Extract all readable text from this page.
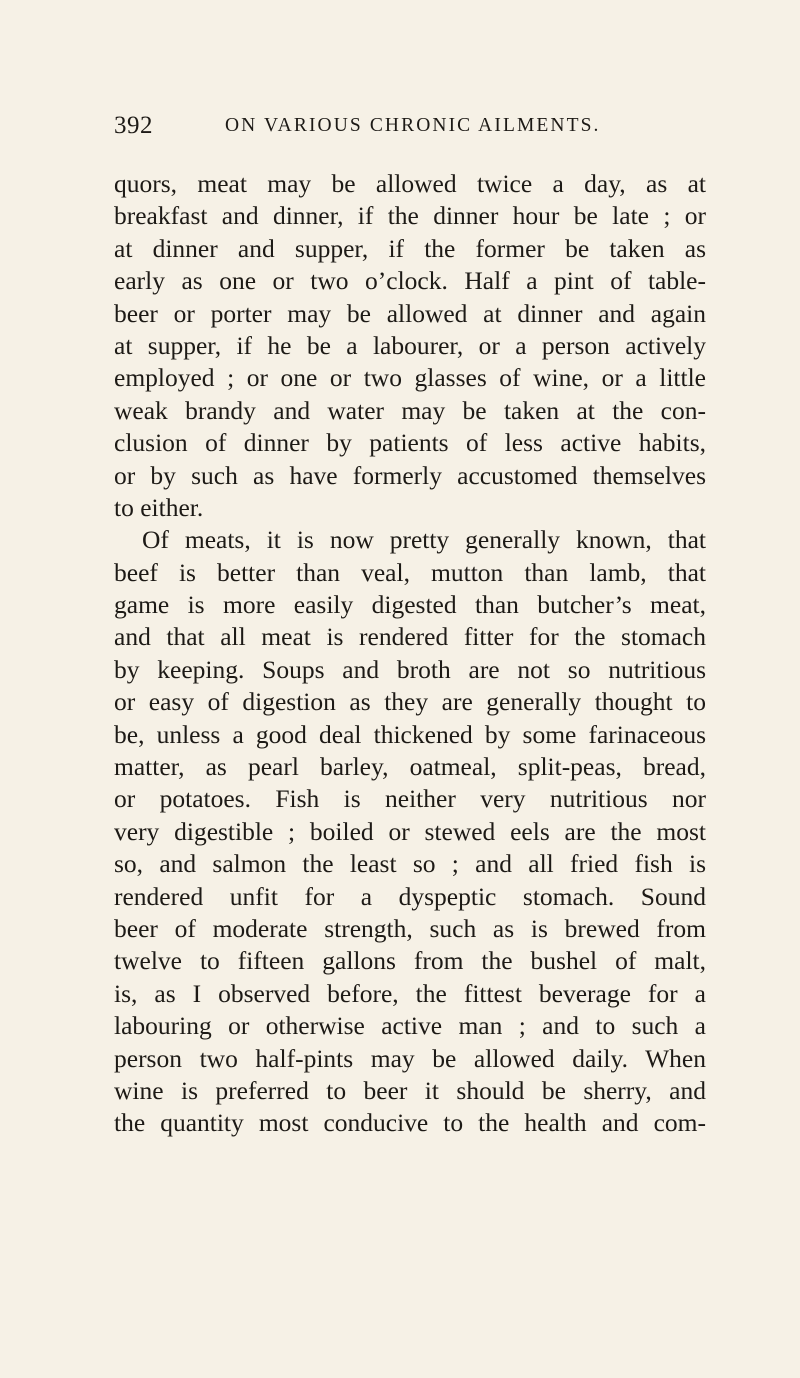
392	ON VARIOUS CHRONIC AILMENTS.
quors, meat may be allowed twice a day, as at
breakfast and dinner, if the dinner hour be late ; or
at dinner and supper, if the former be taken as
early as one or two o’clock. Half a pint of table-
beer or porter may be allowed at dinner and again
at supper, if he be a labourer, or a person actively
employed ; or one or two glasses of wine, or a little
weak brandy and water may be taken at the con-
clusion of dinner by patients of less active habits,
or by such as have formerly accustomed themselves
to either.
Of meats, it is now pretty generally known, that
beef is better than veal, mutton than lamb, that
game is more easily digested than butcher’s meat,
and that all meat is rendered fitter for the stomach
by keeping. Soups and broth are not so nutritious
or easy of digestion as they are generally thought to
be, unless a good deal thickened by some farinaceous
matter, as pearl barley, oatmeal, split-peas, bread,
or potatoes. Fish is neither very nutritious nor
very digestible ; boiled or stewed eels are the most
so, and salmon the least so ; and all fried fish is
rendered unfit for a dyspeptic stomach. Sound
beer of moderate strength, such as is brewed from
twelve to fifteen gallons from the bushel of malt,
is, as I observed before, the fittest beverage for a
labouring or otherwise active man ; and to such a
person two half-pints may be allowed daily. When
wine is preferred to beer it should be sherry, and
the quantity most conducive to the health and com-
